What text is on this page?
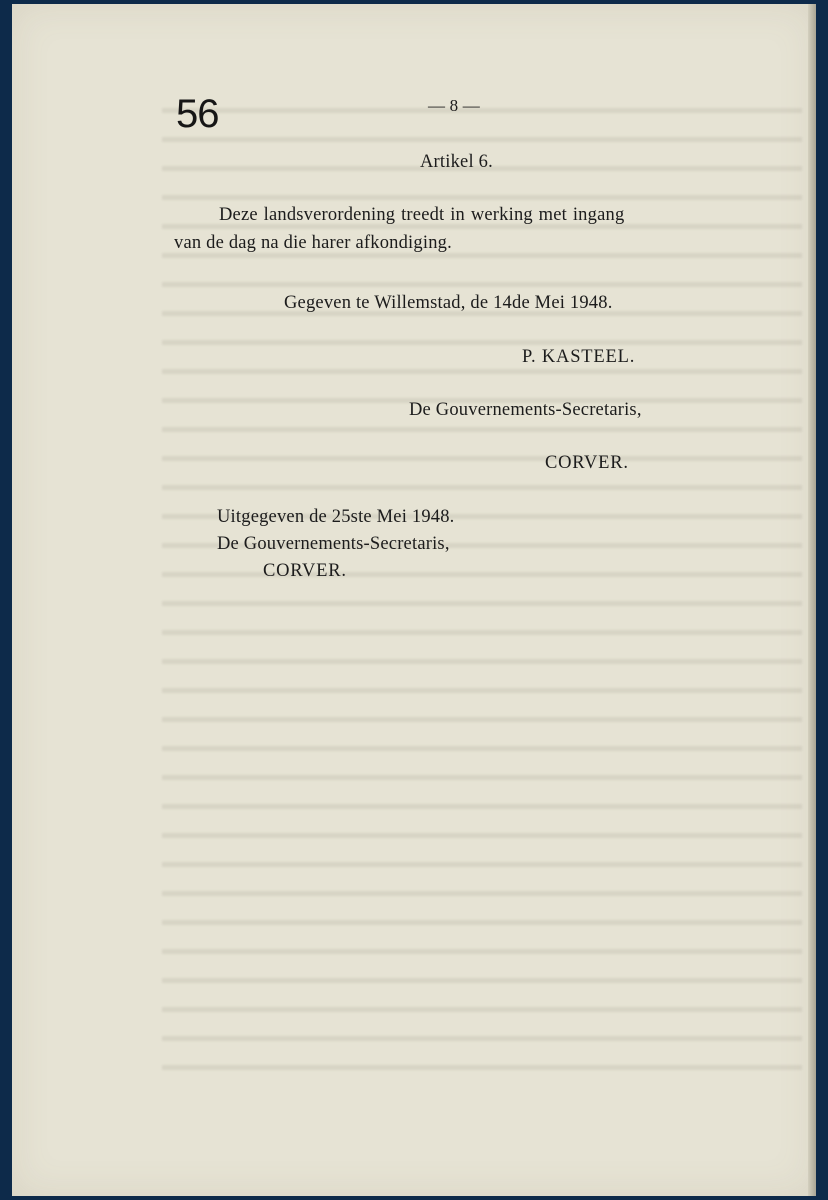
56	— 8 —
Artikel 6.
Deze landsverordening treedt in werking met ingang
van de dag na die harer afkondiging.
Gegeven te Willemstad, de 14de Mei 1948.
P. KASTEEL.
De Gouvernements-Secretaris,
CORVER.
Uitgegeven de 25ste Mei 1948.
De Gouvernements-Secretaris,
CORVER.
